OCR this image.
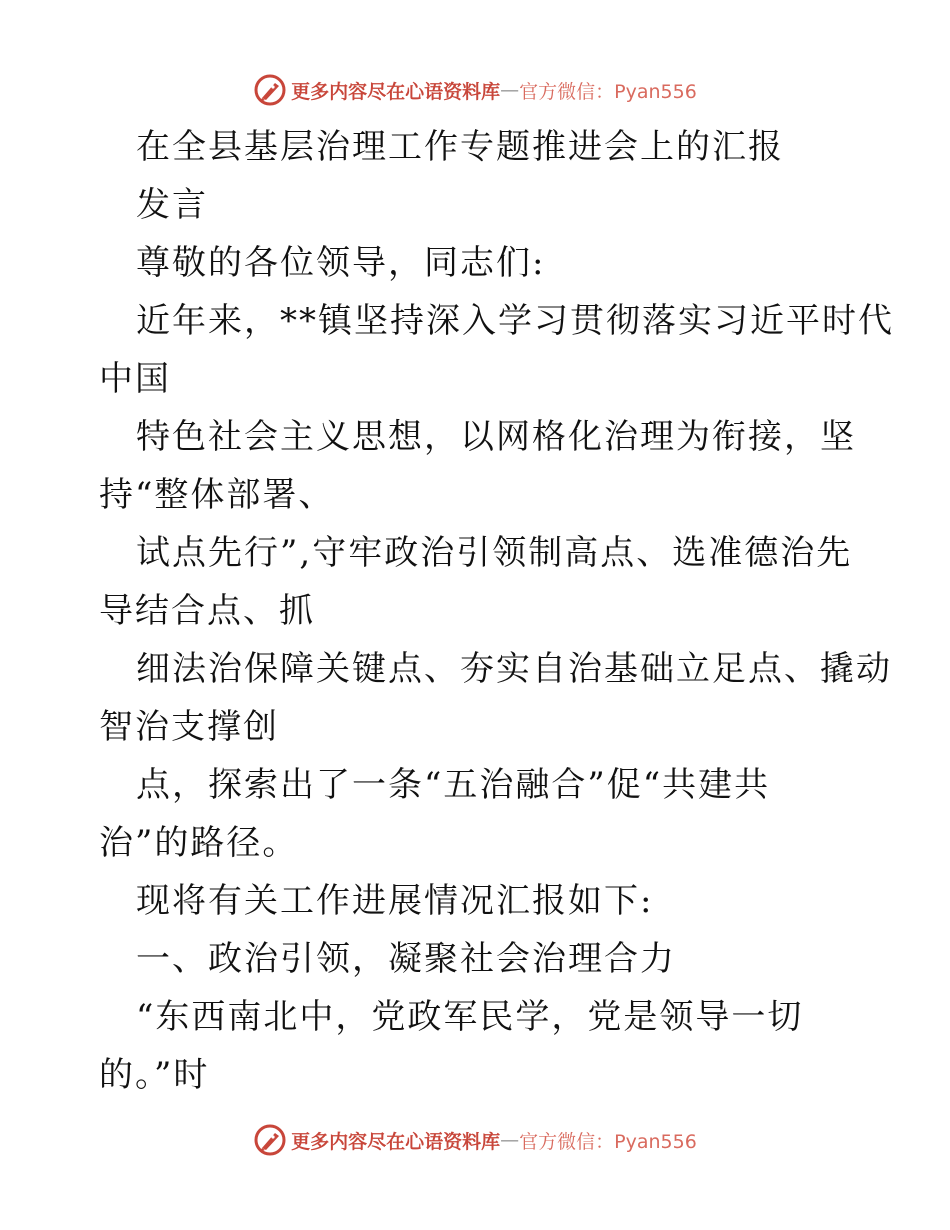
更多内容尽在心语资料库 — 官方微信：Pyan556
在全县基层治理工作专题推进会上的汇报
发言
尊敬的各位领导，同志们:
近年来，**镇坚持深入学习贯彻落实习近平时代
中国
特色社会主义思想，以网格化治理为衔接，坚
持“整体部署、
试点先行”,守牢政治引领制高点、选准德治先
导结合点、抓
细法治保障关键点、夯实自治基础立足点、撬动
智治支撑创
点，探索出了一条“五治融合”促“共建共
治”的路径。
现将有关工作进展情况汇报如下:
一、政治引领，凝聚社会治理合力
“东西南北中，党政军民学，党是领导一切
的。”时
更多内容尽在心语资料库 — 官方微信：Pyan556
